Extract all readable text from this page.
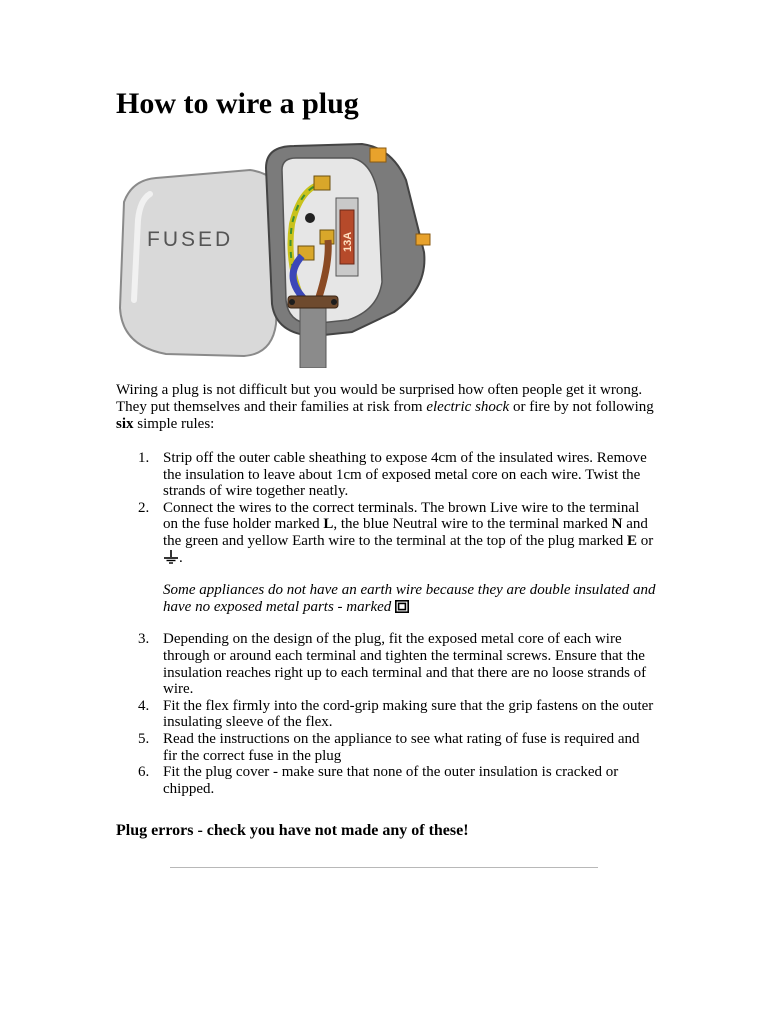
How to wire a plug
FUSED	13A

Wiring a plug is not difficult but you would be surprised how often people get it wrong. They put themselves and their families at risk from electric shock or fire by not following six simple rules:

1. Strip off the outer cable sheathing to expose 4cm of the insulated wires. Remove the insulation to leave about 1cm of exposed metal core on each wire. Twist the strands of wire together neatly.
2. Connect the wires to the correct terminals. The brown Live wire to the terminal on the fuse holder marked L, the blue Neutral wire to the terminal marked N and the green and yellow Earth wire to the terminal at the top of the plug marked E or .
Some appliances do not have an earth wire because they are double insulated and have no exposed metal parts - marked
3. Depending on the design of the plug, fit the exposed metal core of each wire through or around each terminal and tighten the terminal screws. Ensure that the insulation reaches right up to each terminal and that there are no loose strands of wire.
4. Fit the flex firmly into the cord-grip making sure that the grip fastens on the outer insulating sleeve of the flex.
5. Read the instructions on the appliance to see what rating of fuse is required and fir the correct fuse in the plug
6. Fit the plug cover - make sure that none of the outer insulation is cracked or chipped.

Plug errors - check you have not made any of these!
